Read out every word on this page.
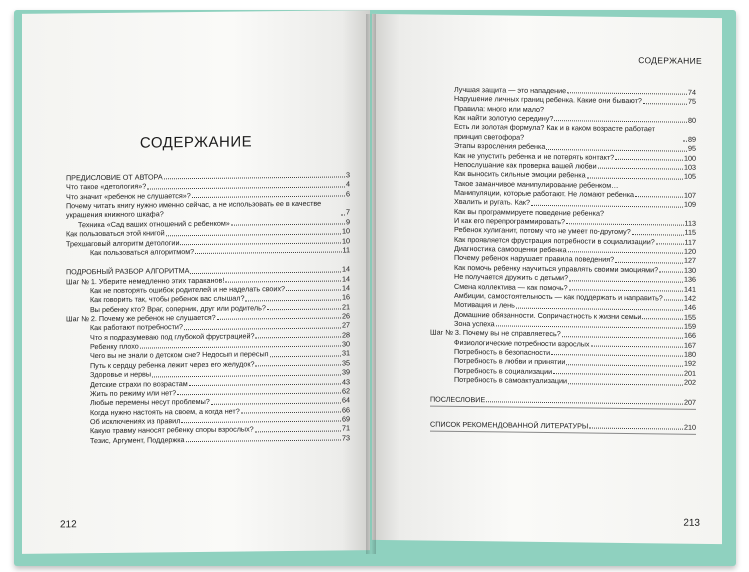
СОДЕРЖАНИЕ
ПРЕДИСЛОВИЕ ОТ АВТОРА	3
Что такое «детология»?	4
Что значит «ребенок не слушается»?	6
Почему читать книгу нужно именно сейчас, а не использовать ее в качестве украшения книжного шкафа?	7
Техника «Сад ваших отношений с ребенком»	9
Как пользоваться этой книгой	10
Трехшаговый алгоритм детологии	10
Как пользоваться алгоритмом?	11
ПОДРОБНЫЙ РАЗБОР АЛГОРИТМА	14
Шаг № 1. Уберите немедленно этих тараканов!	14
Как не повторять ошибок родителей и не наделать своих?	14
Как говорить так, чтобы ребенок вас слышал?	16
Вы ребенку кто? Враг, соперник, друг или родитель?	21
Шаг № 2. Почему же ребенок не слушается?	26
Как работают потребности?	27
Что я подразумеваю под глубокой фрустрацией?	28
Ребенку плохо	30
Чего вы не знали о детском сне? Недосып и пересып	31
Путь к сердцу ребенка лежит через его желудок?	35
Здоровье и нервы	39
Детские страхи по возрастам	43
Жить по режиму или нет?	62
Любые перемены несут проблемы?	64
Когда нужно настоять на своем, а когда нет?	66
Об исключениях из правил	69
Какую травму наносят ребенку споры взрослых?	71
Тезис, Аргумент, Поддержка	73
212
СОДЕРЖАНИЕ
Лучшая защита — это нападение	74
Нарушение личных границ ребенка. Какие они бывают?	75
Правила: много или мало?
Как найти золотую середину?	80
Есть ли золотая формула? Как и в каком возрасте работает принцип светофора?	89
Этапы взросления ребенка	95
Как не упустить ребенка и не потерять контакт?	100
Непослушание как проверка вашей любви	103
Как выносить сильные эмоции ребенка	105
Такое заманчивое манипулирование ребенком…
Манипуляции, которые работают. Не ломают ребенка	107
Хвалить и ругать. Как?	109
Как вы программируете поведение ребенка?
И как его перепрограммировать?	113
Ребенок хулиганит, потому что не умеет по-другому?	115
Как проявляется фрустрация потребности в социализации?	117
Диагностика самооценки ребенка	120
Почему ребенок нарушает правила поведения?	127
Как помочь ребенку научиться управлять своими эмоциями?	130
Не получается дружить с детьми?	136
Смена коллектива — как помочь?	141
Амбиции, самостоятельность — как поддержать и направить?	142
Мотивация и лень	146
Домашние обязанности. Сопричастность к жизни семьи	155
Зона успеха	159
Шаг № 3. Почему вы не справляетесь?	166
Физиологические потребности взрослых	167
Потребность в безопасности	180
Потребность в любви и принятии	192
Потребность в социализации	201
Потребность в самоактуализации	202
ПОСЛЕСЛОВИЕ	207
СПИСОК РЕКОМЕНДОВАННОЙ ЛИТЕРАТУРЫ	210
213
